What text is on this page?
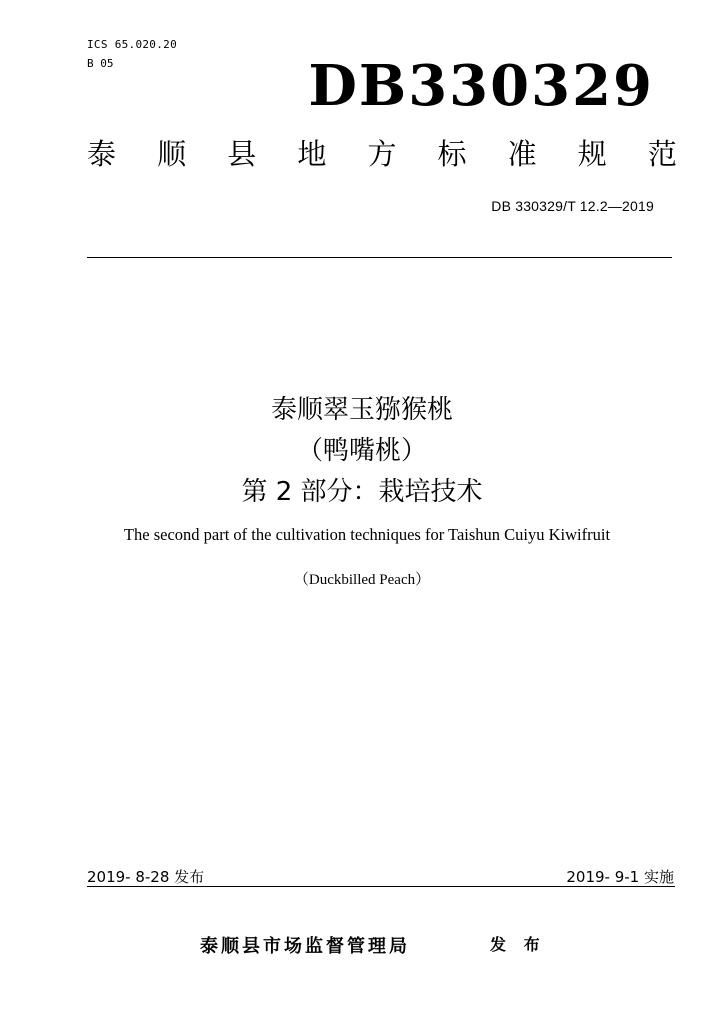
ICS 65.020.20
B 05	DB330329
泰 顺 县 地 方 标 准 规 范
DB 330329/T 12.2—2019
泰顺翠玉猕猴桃
（鸭嘴桃）
第 2 部分：栽培技术
The second part of the cultivation techniques for Taishun Cuiyu Kiwifruit
（Duckbilled Peach）
2019- 8-28 发布	2019- 9-1 实施
泰顺县市场监督管理局	发 布
